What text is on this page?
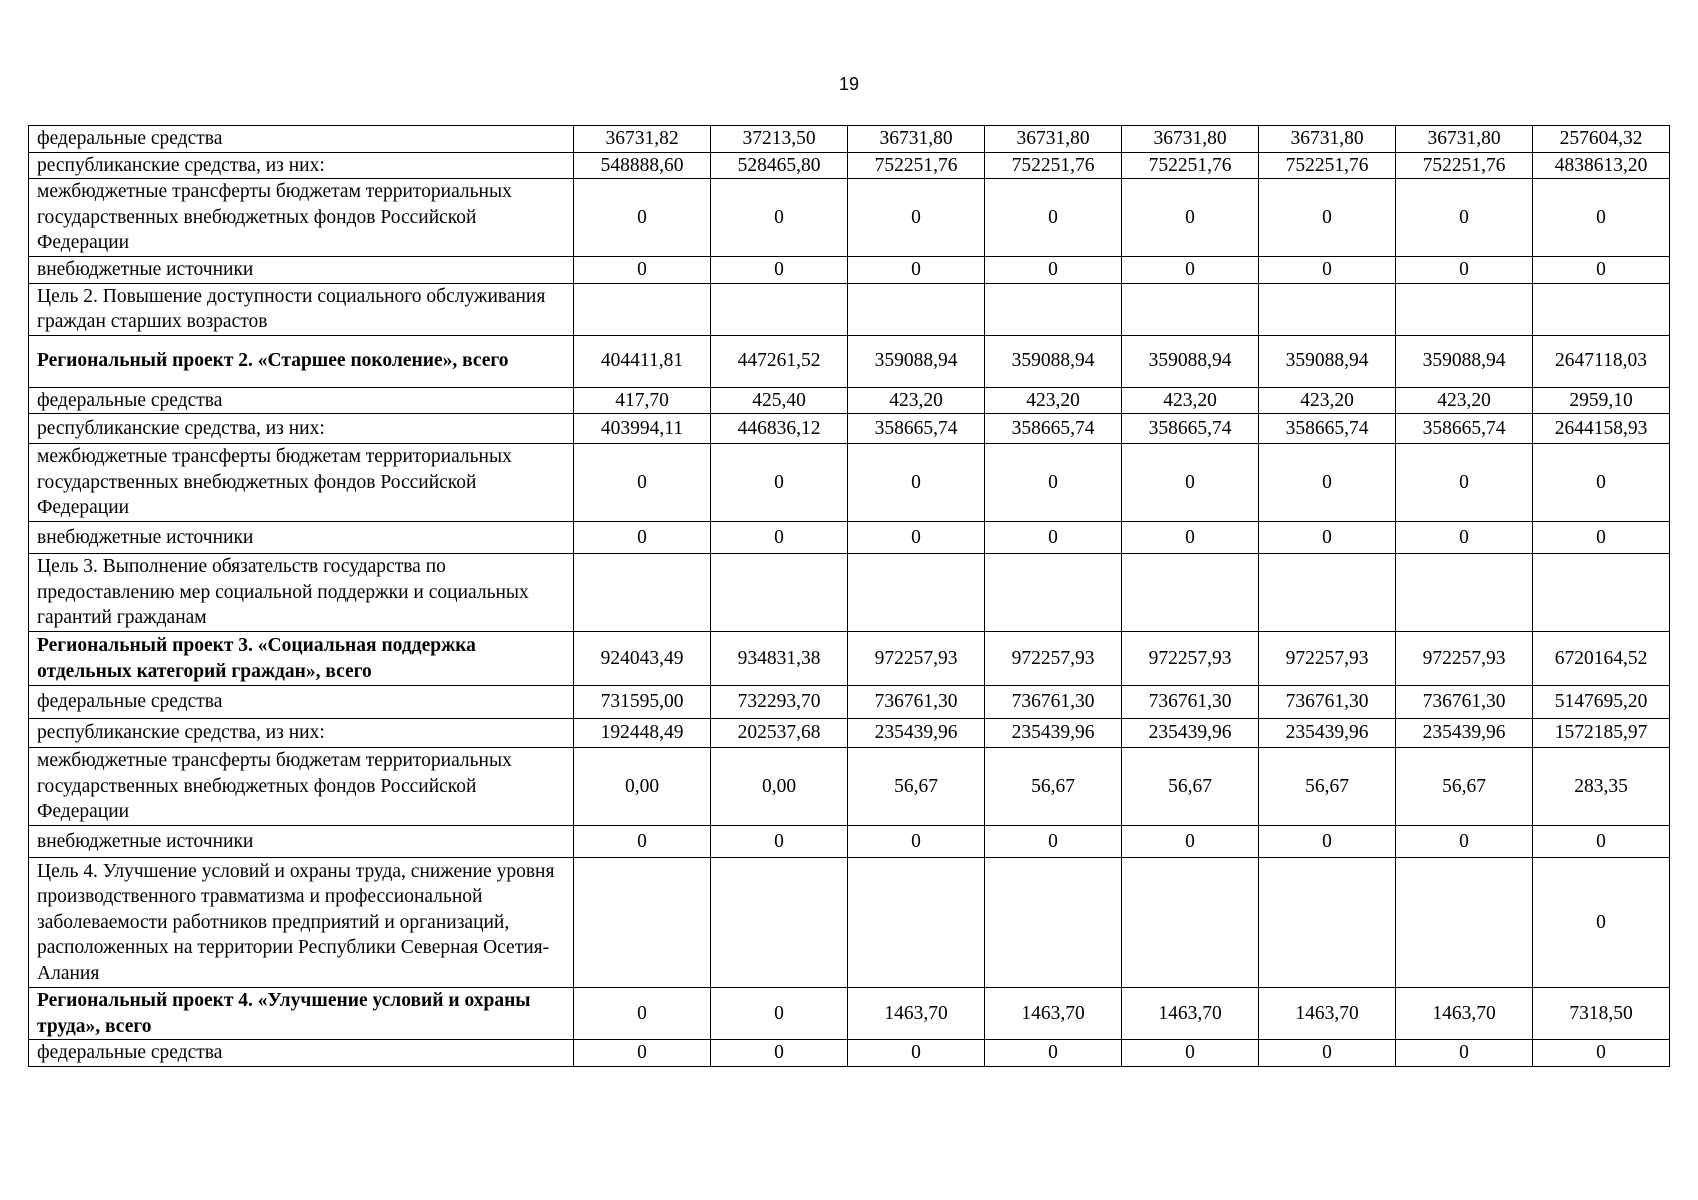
19
федеральные средства	36731,82	37213,50	36731,80	36731,80	36731,80	36731,80	36731,80	257604,32
республиканские средства, из них:	548888,60	528465,80	752251,76	752251,76	752251,76	752251,76	752251,76	4838613,20
межбюджетные трансферты бюджетам территориальных государственных внебюджетных фондов Российской Федерации	0	0	0	0	0	0	0	0
внебюджетные источники	0	0	0	0	0	0	0	0
Цель 2. Повышение доступности социального обслуживания граждан старших возрастов								
Региональный проект 2. «Старшее поколение», всего	404411,81	447261,52	359088,94	359088,94	359088,94	359088,94	359088,94	2647118,03
федеральные средства	417,70	425,40	423,20	423,20	423,20	423,20	423,20	2959,10
республиканские средства, из них:	403994,11	446836,12	358665,74	358665,74	358665,74	358665,74	358665,74	2644158,93
межбюджетные трансферты бюджетам территориальных государственных внебюджетных фондов Российской Федерации	0	0	0	0	0	0	0	0
внебюджетные источники	0	0	0	0	0	0	0	0
Цель 3. Выполнение обязательств государства по предоставлению мер социальной поддержки и социальных гарантий гражданам								
Региональный проект 3. «Социальная поддержка отдельных категорий граждан», всего	924043,49	934831,38	972257,93	972257,93	972257,93	972257,93	972257,93	6720164,52
федеральные средства	731595,00	732293,70	736761,30	736761,30	736761,30	736761,30	736761,30	5147695,20
республиканские средства, из них:	192448,49	202537,68	235439,96	235439,96	235439,96	235439,96	235439,96	1572185,97
межбюджетные трансферты бюджетам территориальных государственных внебюджетных фондов Российской Федерации	0,00	0,00	56,67	56,67	56,67	56,67	56,67	283,35
внебюджетные источники	0	0	0	0	0	0	0	0
Цель 4. Улучшение условий и охраны труда, снижение уровня производственного травматизма и профессиональной заболеваемости работников предприятий и организаций, расположенных на территории Республики Северная Осетия-Алания								0
Региональный проект 4. «Улучшение условий и охраны труда», всего	0	0	1463,70	1463,70	1463,70	1463,70	1463,70	7318,50
федеральные средства	0	0	0	0	0	0	0	0
